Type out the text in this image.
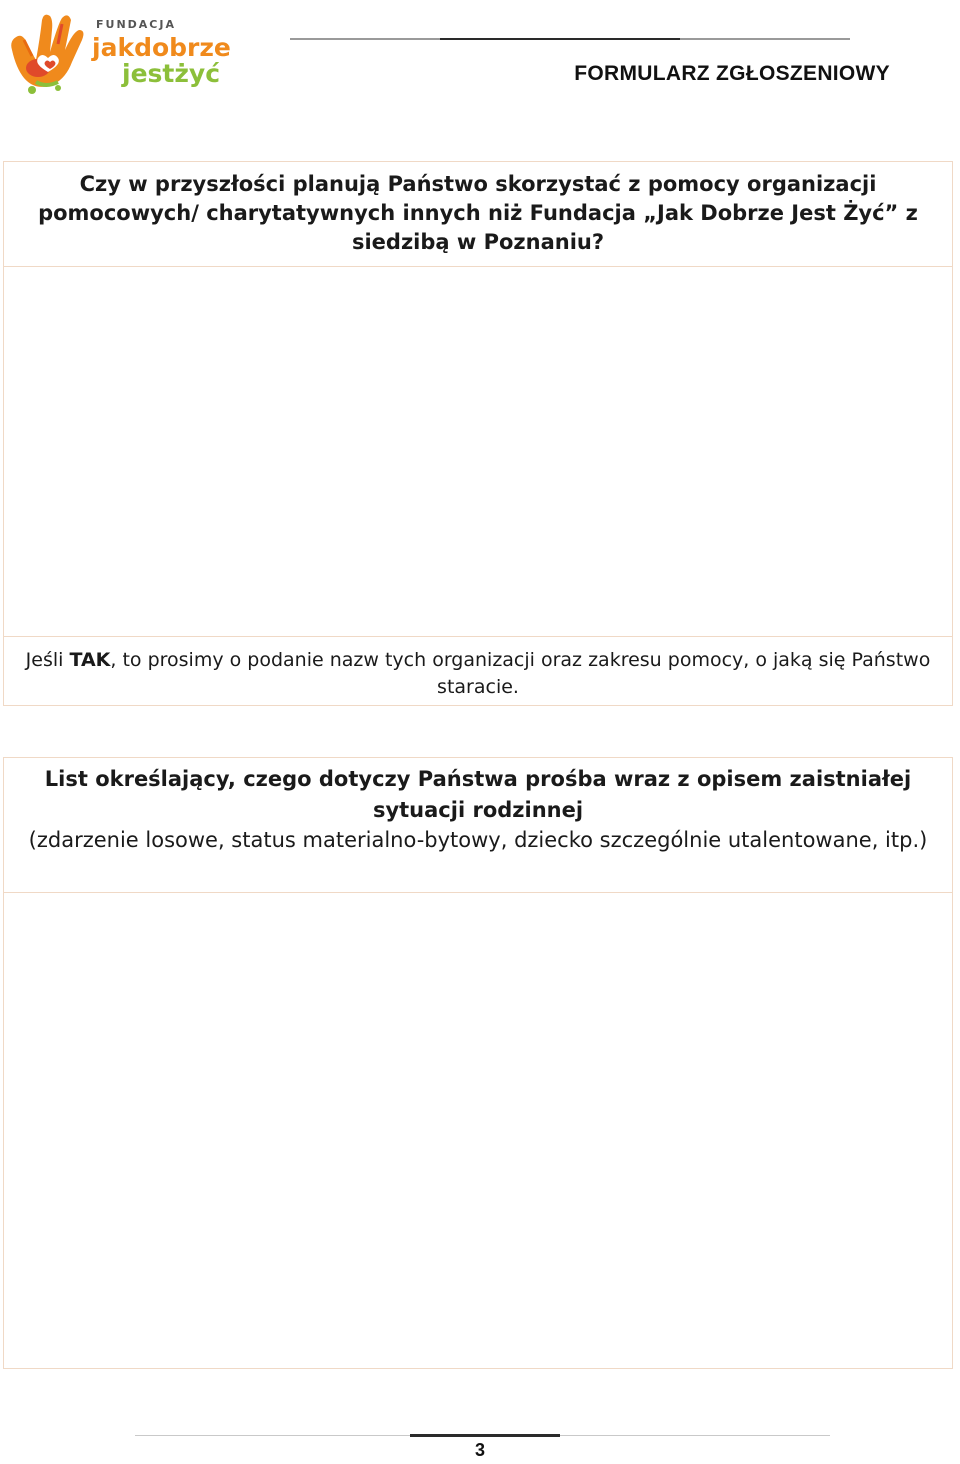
FUNDACJA
jakdobrze
jestżyć	FORMULARZ ZGŁOSZENIOWY
Czy w przyszłości planują Państwo skorzystać z pomocy organizacji pomocowych/ charytatywnych innych niż Fundacja „Jak Dobrze Jest Żyć” z siedzibą w Poznaniu?
Jeśli TAK, to prosimy o podanie nazw tych organizacji oraz zakresu pomocy, o jaką się Państwo staracie.
List określający, czego dotyczy Państwa prośba wraz z opisem zaistniałej sytuacji rodzinnej
(zdarzenie losowe, status materialno-bytowy, dziecko szczególnie utalentowane, itp.)
3
